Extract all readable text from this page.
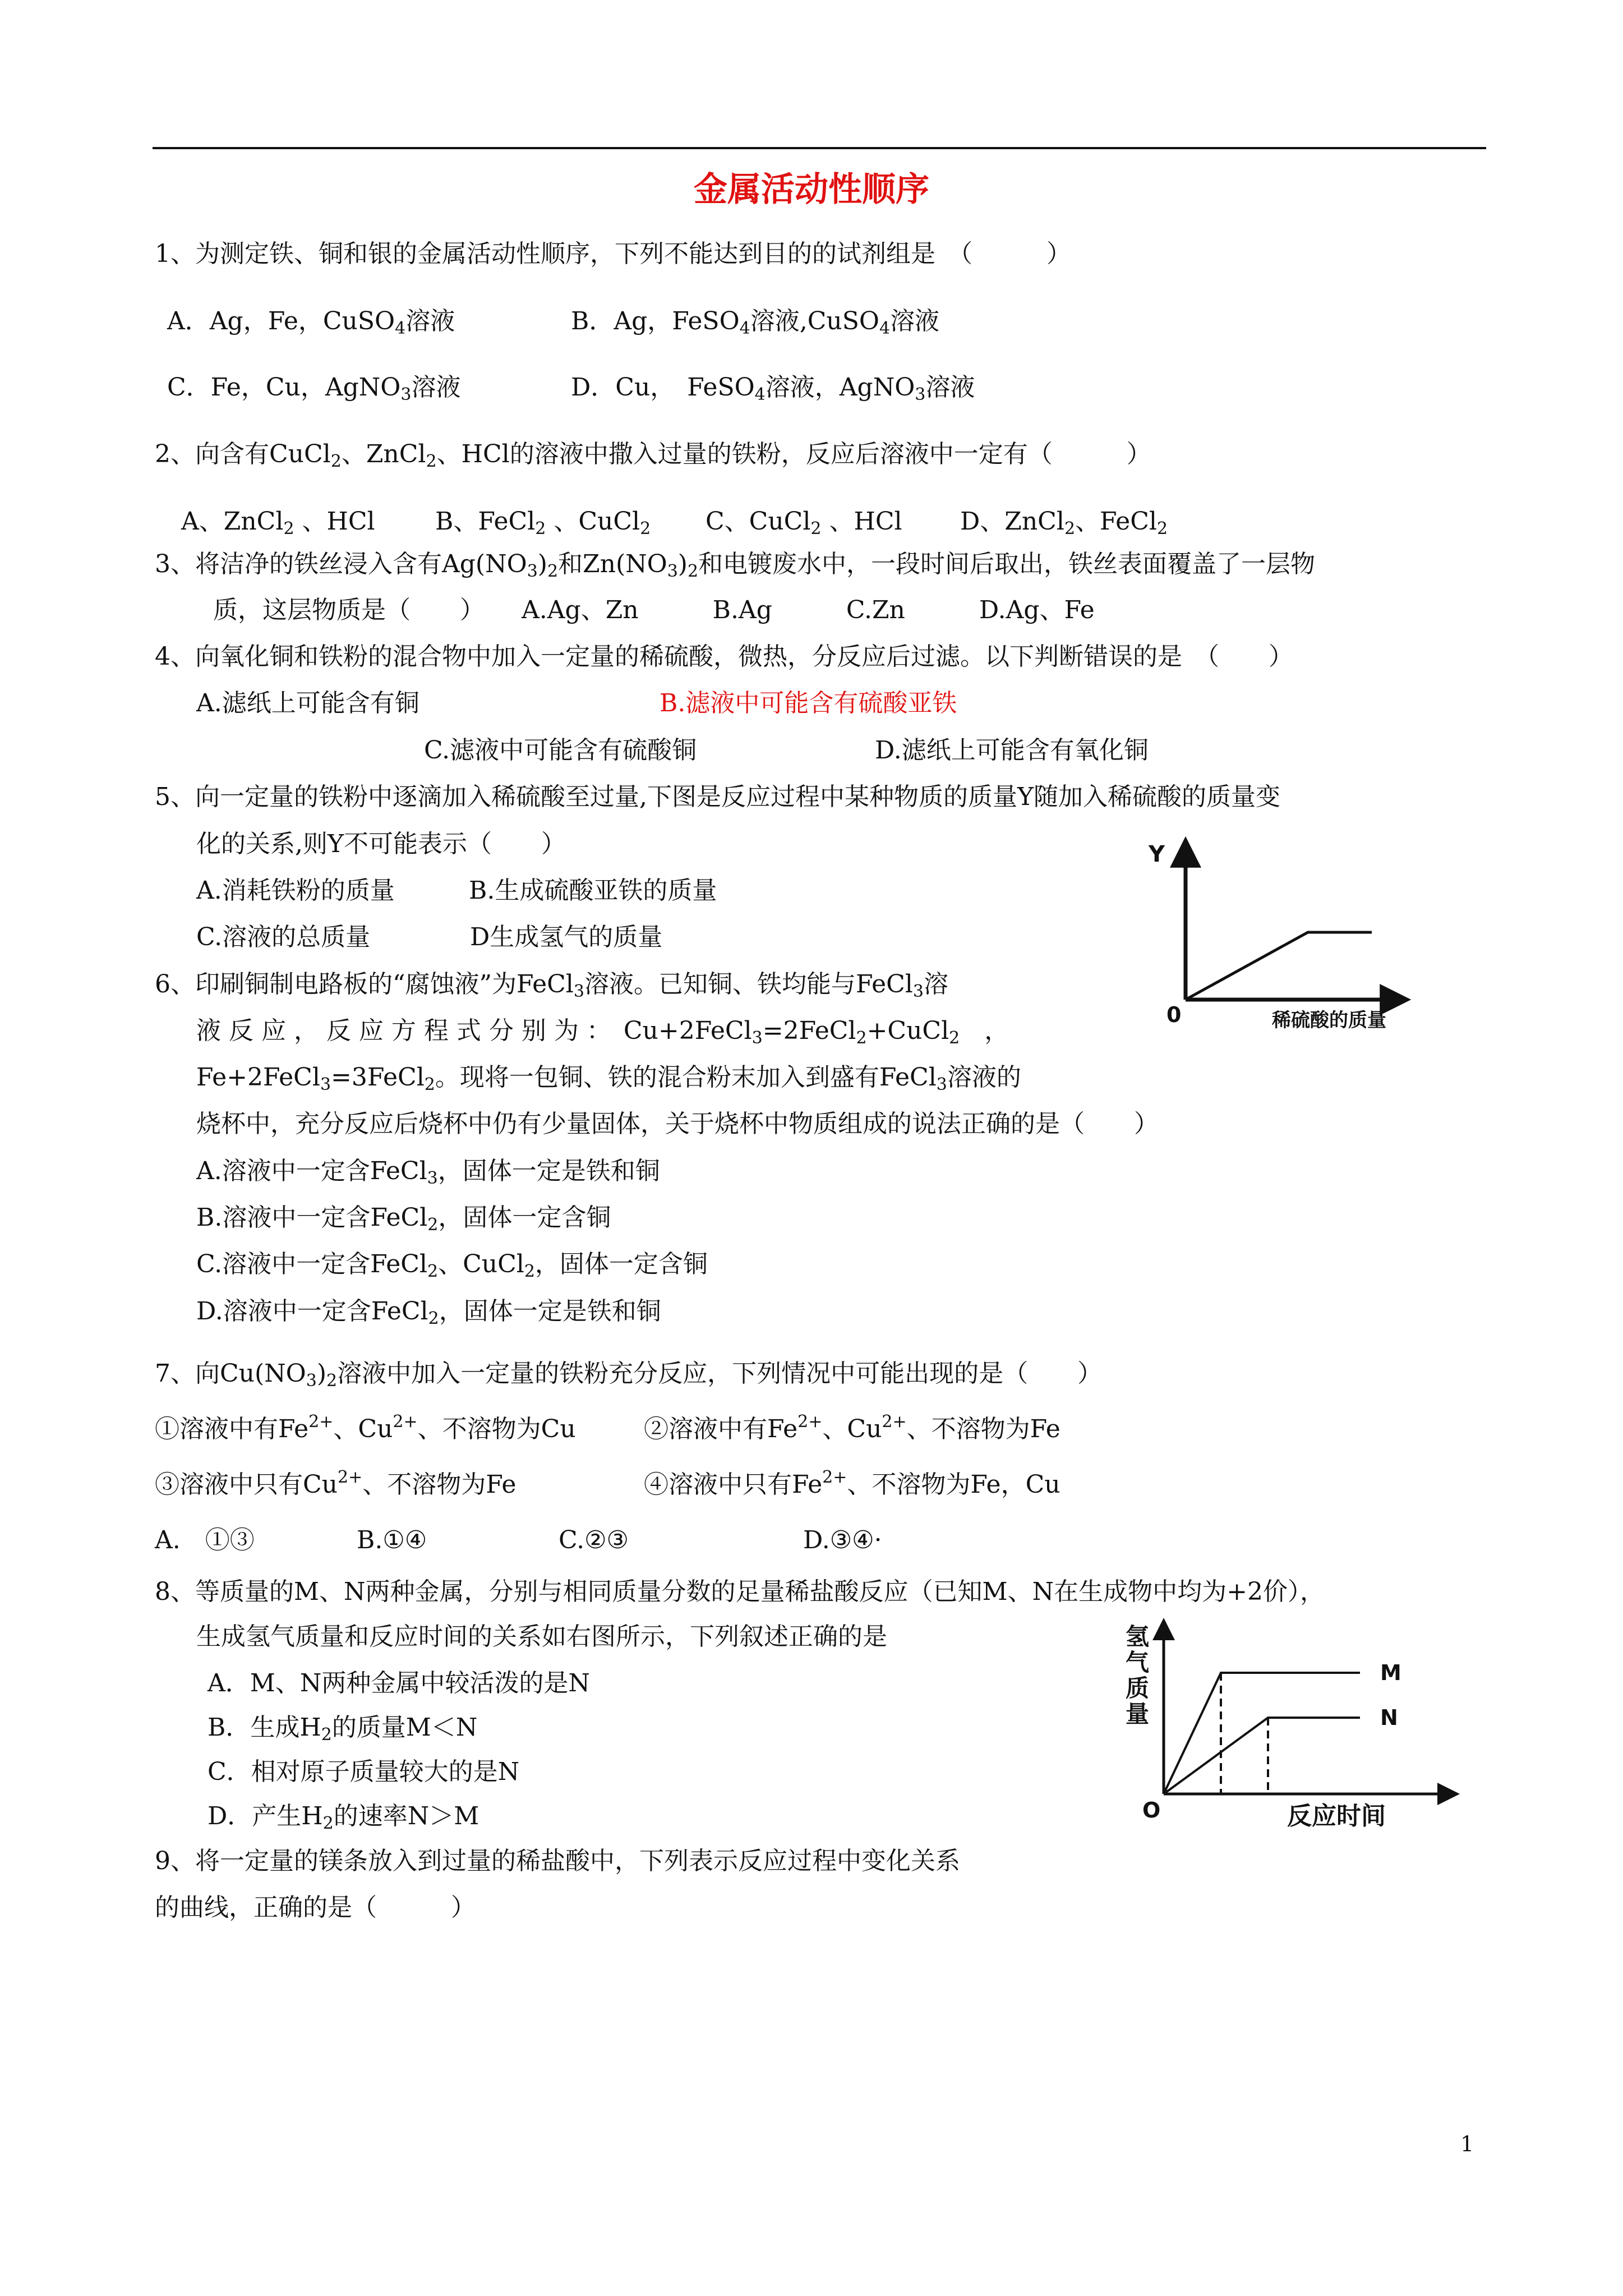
金属活动性顺序
1、为测定铁、铜和银的金属活动性顺序，下列不能达到目的的试剂组是　（　　　）
A．Ag，Fe，CuSO$_4$溶液	B．Ag，FeSO$_4$溶液,CuSO$_4$溶液
C．Fe，Cu，AgNO$_3$溶液	D．Cu，　FeSO$_4$溶液，AgNO$_3$溶液
2、向含有CuCl$_2$、ZnCl$_2$、HCl的溶液中撒入过量的铁粉，反应后溶液中一定有（　　　）
A、ZnCl$_2$ 、HCl B、FeCl$_2$ 、CuCl$_2$ C、CuCl$_2$ 、HCl D、ZnCl$_2$、FeCl$_2$
3、将洁净的铁丝浸入含有$Ag(NO_3)_2$和$Zn(NO_3)_2$和电镀废水中，一段时间后取出，铁丝表面覆盖了一层物
质，这层物质是（　　）　　A.Ag、Zn　　　B.Ag　　　C.Zn　　　D.Ag、Fe
4、向氧化铜和铁粉的混合物中加入一定量的稀硫酸，微热，分反应后过滤。以下判断错误的是　（　　）
A.滤纸上可能含有铜	B.滤液中可能含有硫酸亚铁
C.滤液中可能含有硫酸铜	D.滤纸上可能含有氧化铜
5、向一定量的铁粉中逐滴加入稀硫酸至过量,下图是反应过程中某种物质的质量Y随加入稀硫酸的质量变
化的关系,则Y不可能表示（　　）
A.消耗铁粉的质量	B.生成硫酸亚铁的质量
C.溶液的总质量	D生成氢气的质量
Y
0	稀硫酸的质量
6、印刷铜制电路板的“腐蚀液”为FeCl$_3$溶液。已知铜、铁均能与FeCl$_3$溶
液 反 应 ， 反 应 方 程 式 分 别 为 ：　Cu+2FeCl$_3$=2FeCl$_2$+CuCl$_2$　，
Fe+2FeCl$_3$=3FeCl$_2$。现将一包铜、铁的混合粉末加入到盛有FeCl$_3$溶液的
烧杯中，充分反应后烧杯中仍有少量固体，关于烧杯中物质组成的说法正确的是（　　）
A.溶液中一定含FeCl$_3$，固体一定是铁和铜
B.溶液中一定含FeCl$_2$，固体一定含铜
C.溶液中一定含FeCl$_2$、CuCl$_2$，固体一定含铜
D.溶液中一定含FeCl$_2$，固体一定是铁和铜
7、向$Cu(NO_3)_2$溶液中加入一定量的铁粉充分反应，下列情况中可能出现的是（　　）
①溶液中有$Fe^{2+}$、$Cu^{2+}$、不溶物为Cu	②溶液中有$Fe^{2+}$、$Cu^{2+}$、不溶物为Fe
③溶液中只有$Cu^{2+}$、不溶物为Fe	④溶液中只有$Fe^{2+}$、不溶物为Fe，Cu
A.　①③	B.①④	C.②③	D.③④·
8、等质量的M、N两种金属，分别与相同质量分数的足量稀盐酸反应（已知M、N在生成物中均为+2价），
生成氢气质量和反应时间的关系如右图所示，下列叙述正确的是
A．M、N两种金属中较活泼的是N
B．生成$H_2$的质量M＜N
C．相对原子质量较大的是N
D．产生$H_2$的速率N＞M
氢
气
质
量
M
N
O	反应时间
9、将一定量的镁条放入到过量的稀盐酸中，下列表示反应过程中变化关系
的曲线，正确的是（　　　）
1
